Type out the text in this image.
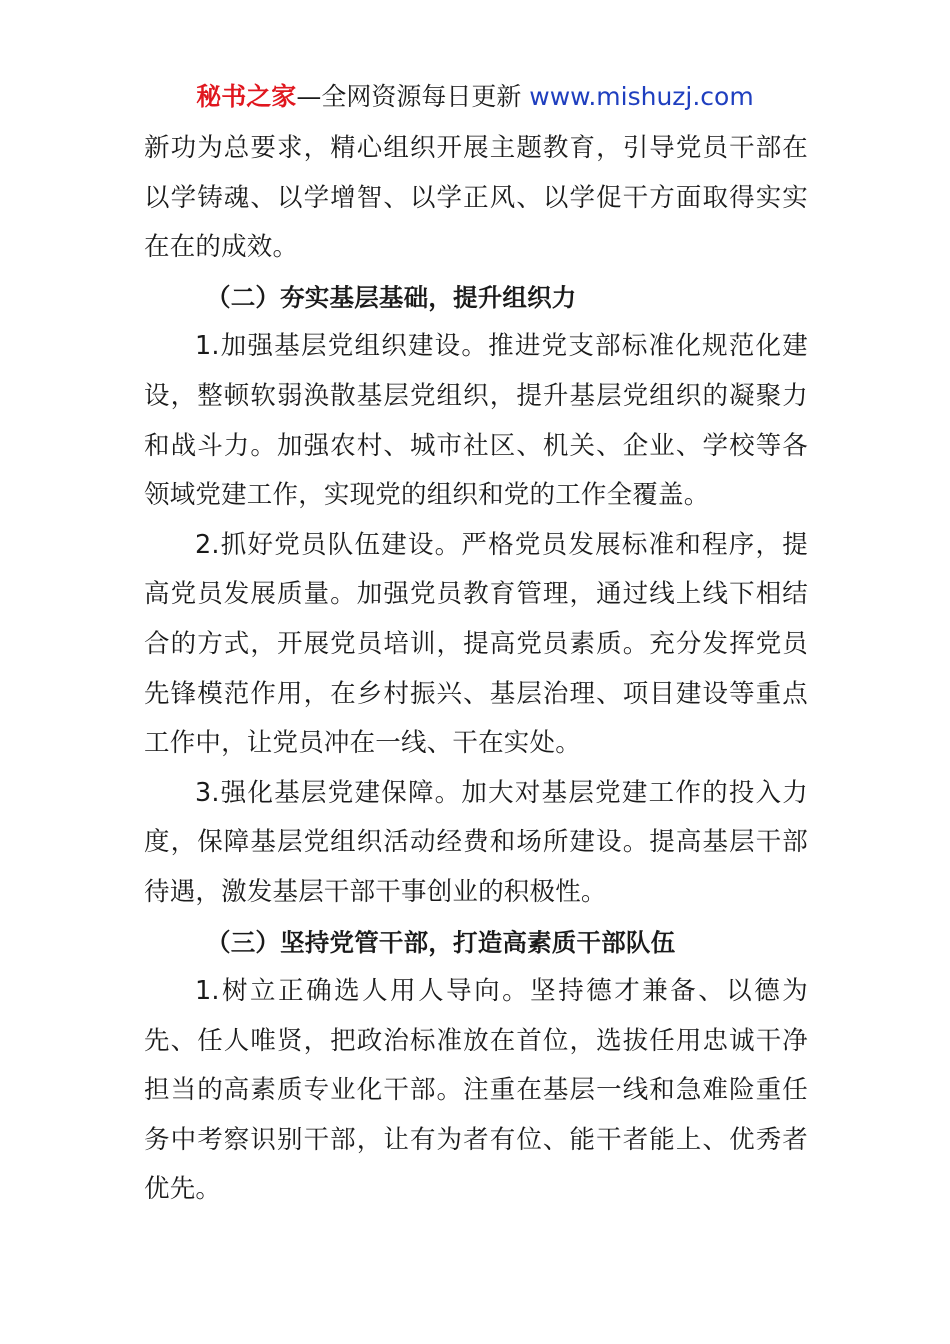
秘书之家—全网资源每日更新 www.mishuzj.com

新功为总要求，精心组织开展主题教育，引导党员干部在以学铸魂、以学增智、以学正风、以学促干方面取得实实在在的成效。

（二）夯实基层基础，提升组织力

1.加强基层党组织建设。推进党支部标准化规范化建设，整顿软弱涣散基层党组织，提升基层党组织的凝聚力和战斗力。加强农村、城市社区、机关、企业、学校等各领域党建工作，实现党的组织和党的工作全覆盖。

2.抓好党员队伍建设。严格党员发展标准和程序，提高党员发展质量。加强党员教育管理，通过线上线下相结合的方式，开展党员培训，提高党员素质。充分发挥党员先锋模范作用，在乡村振兴、基层治理、项目建设等重点工作中，让党员冲在一线、干在实处。

3.强化基层党建保障。加大对基层党建工作的投入力度，保障基层党组织活动经费和场所建设。提高基层干部待遇，激发基层干部干事创业的积极性。

（三）坚持党管干部，打造高素质干部队伍

1.树立正确选人用人导向。坚持德才兼备、以德为先、任人唯贤，把政治标准放在首位，选拔任用忠诚干净担当的高素质专业化干部。注重在基层一线和急难险重任务中考察识别干部，让有为者有位、能干者能上、优秀者优先。
